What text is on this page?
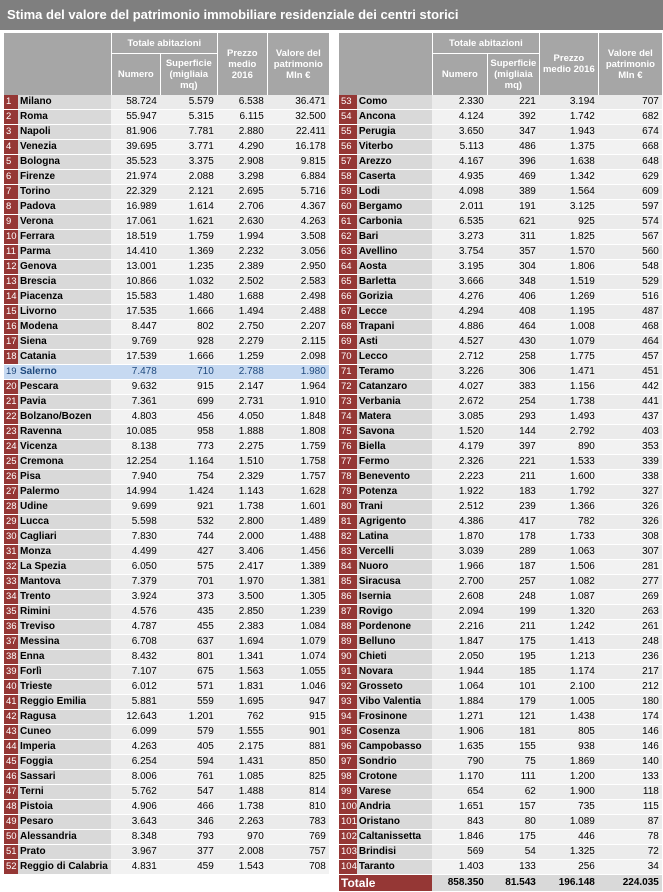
Stima del valore del patrimonio immobiliare residenziale dei centri storici
		Totale abitazioni		Prezzo medio 2016	Valore del patrimonio Mln €
		Numero	Superficie (migliaia mq)		
1	Milano	58.724	5.579	6.538	36.471
2	Roma	55.947	5.315	6.115	32.500
3	Napoli	81.906	7.781	2.880	22.411
4	Venezia	39.695	3.771	4.290	16.178
5	Bologna	35.523	3.375	2.908	9.815
6	Firenze	21.974	2.088	3.298	6.884
7	Torino	22.329	2.121	2.695	5.716
8	Padova	16.989	1.614	2.706	4.367
9	Verona	17.061	1.621	2.630	4.263
10	Ferrara	18.519	1.759	1.994	3.508
11	Parma	14.410	1.369	2.232	3.056
12	Genova	13.001	1.235	2.389	2.950
13	Brescia	10.866	1.032	2.502	2.583
14	Piacenza	15.583	1.480	1.688	2.498
15	Livorno	17.535	1.666	1.494	2.488
16	Modena	8.447	802	2.750	2.207
17	Siena	9.769	928	2.279	2.115
18	Catania	17.539	1.666	1.259	2.098
19	Salerno	7.478	710	2.788	1.980
20	Pescara	9.632	915	2.147	1.964
21	Pavia	7.361	699	2.731	1.910
22	Bolzano/Bozen	4.803	456	4.050	1.848
23	Ravenna	10.085	958	1.888	1.808
24	Vicenza	8.138	773	2.275	1.759
25	Cremona	12.254	1.164	1.510	1.758
26	Pisa	7.940	754	2.329	1.757
27	Palermo	14.994	1.424	1.143	1.628
28	Udine	9.699	921	1.738	1.601
29	Lucca	5.598	532	2.800	1.489
30	Cagliari	7.830	744	2.000	1.488
31	Monza	4.499	427	3.406	1.456
32	La Spezia	6.050	575	2.417	1.389
33	Mantova	7.379	701	1.970	1.381
34	Trento	3.924	373	3.500	1.305
35	Rimini	4.576	435	2.850	1.239
36	Treviso	4.787	455	2.383	1.084
37	Messina	6.708	637	1.694	1.079
38	Enna	8.432	801	1.341	1.074
39	Forlì	7.107	675	1.563	1.055
40	Trieste	6.012	571	1.831	1.046
41	Reggio Emilia	5.881	559	1.695	947
42	Ragusa	12.643	1.201	762	915
43	Cuneo	6.099	579	1.555	901
44	Imperia	4.263	405	2.175	881
45	Foggia	6.254	594	1.431	850
46	Sassari	8.006	761	1.085	825
47	Terni	5.762	547	1.488	814
48	Pistoia	4.906	466	1.738	810
49	Pesaro	3.643	346	2.263	783
50	Alessandria	8.348	793	970	769
51	Prato	3.967	377	2.008	757
52	Reggio di Calabria	4.831	459	1.543	708
		Totale abitazioni		Prezzo medio 2016	Valore del patrimonio Mln €
		Numero	Superficie (migliaia mq)		
53	Como	2.330	221	3.194	707
54	Ancona	4.124	392	1.742	682
55	Perugia	3.650	347	1.943	674
56	Viterbo	5.113	486	1.375	668
57	Arezzo	4.167	396	1.638	648
58	Caserta	4.935	469	1.342	629
59	Lodi	4.098	389	1.564	609
60	Bergamo	2.011	191	3.125	597
61	Carbonia	6.535	621	925	574
62	Bari	3.273	311	1.825	567
63	Avellino	3.754	357	1.570	560
64	Aosta	3.195	304	1.806	548
65	Barletta	3.666	348	1.519	529
66	Gorizia	4.276	406	1.269	516
67	Lecce	4.294	408	1.195	487
68	Trapani	4.886	464	1.008	468
69	Asti	4.527	430	1.079	464
70	Lecco	2.712	258	1.775	457
71	Teramo	3.226	306	1.471	451
72	Catanzaro	4.027	383	1.156	442
73	Verbania	2.672	254	1.738	441
74	Matera	3.085	293	1.493	437
75	Savona	1.520	144	2.792	403
76	Biella	4.179	397	890	353
77	Fermo	2.326	221	1.533	339
78	Benevento	2.223	211	1.600	338
79	Potenza	1.922	183	1.792	327
80	Trani	2.512	239	1.366	326
81	Agrigento	4.386	417	782	326
82	Latina	1.870	178	1.733	308
83	Vercelli	3.039	289	1.063	307
84	Nuoro	1.966	187	1.506	281
85	Siracusa	2.700	257	1.082	277
86	Isernia	2.608	248	1.087	269
87	Rovigo	2.094	199	1.320	263
88	Pordenone	2.216	211	1.242	261
89	Belluno	1.847	175	1.413	248
90	Chieti	2.050	195	1.213	236
91	Novara	1.944	185	1.174	217
92	Grosseto	1.064	101	2.100	212
93	Vibo Valentia	1.884	179	1.005	180
94	Frosinone	1.271	121	1.438	174
95	Cosenza	1.906	181	805	146
96	Campobasso	1.635	155	938	146
97	Sondrio	790	75	1.869	140
98	Crotone	1.170	111	1.200	133
99	Varese	654	62	1.900	118
100	Andria	1.651	157	735	115
101	Oristano	843	80	1.089	87
102	Caltanissetta	1.846	175	446	78
103	Brindisi	569	54	1.325	72
104	Taranto	1.403	133	256	34
Totale		858.350	81.543	196.148	224.035
